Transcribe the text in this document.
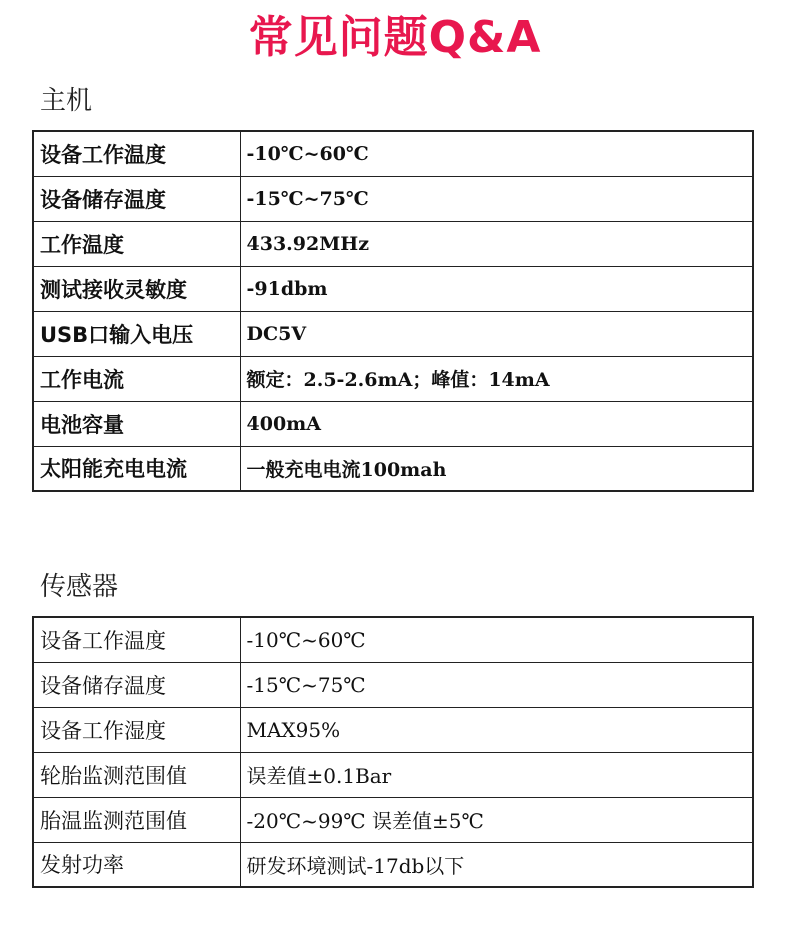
常见问题Q&A
主机
设备工作温度	-10℃~60℃
设备储存温度	-15℃~75℃
工作温度	433.92MHz
测试接收灵敏度	-91dbm
USB口输入电压	DC5V
工作电流	额定：2.5-2.6mA；峰值：14mA
电池容量	400mA
太阳能充电电流	一般充电电流100mah
传感器
设备工作温度	-10℃~60℃
设备储存温度	-15℃~75℃
设备工作湿度	MAX95%
轮胎监测范围值	误差值±0.1Bar
胎温监测范围值	-20℃~99℃ 误差值±5℃
发射功率	研发环境测试-17db以下
